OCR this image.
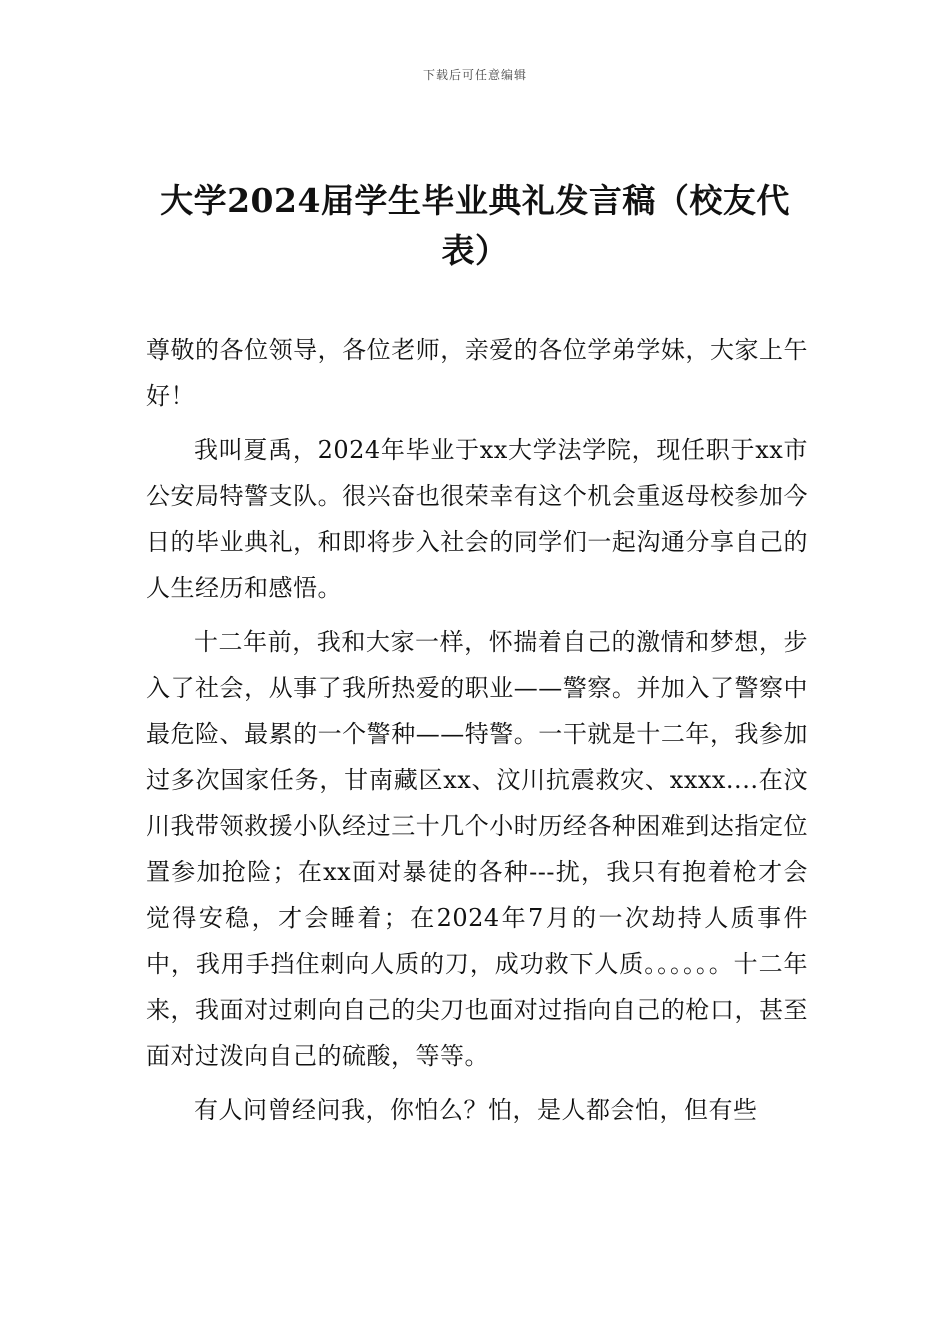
下载后可任意编辑
大学2024届学生毕业典礼发言稿（校友代表）

尊敬的各位领导，各位老师，亲爱的各位学弟学妹，大家上午好！

我叫夏禹，2024年毕业于xx大学法学院，现任职于xx市公安局特警支队。很兴奋也很荣幸有这个机会重返母校参加今日的毕业典礼，和即将步入社会的同学们一起沟通分享自己的人生经历和感悟。

十二年前，我和大家一样，怀揣着自己的激情和梦想，步入了社会，从事了我所热爱的职业——警察。并加入了警察中最危险、最累的一个警种——特警。一干就是十二年，我参加过多次国家任务，甘南藏区xx、汶川抗震救灾、xxxx....在汶川我带领救援小队经过三十几个小时历经各种困难到达指定位置参加抢险；在xx面对暴徒的各种---扰，我只有抱着枪才会觉得安稳，才会睡着；在2024年7月的一次劫持人质事件中，我用手挡住刺向人质的刀，成功救下人质。。。。。。十二年来，我面对过刺向自己的尖刀也面对过指向自己的枪口，甚至面对过泼向自己的硫酸，等等。

有人问曾经问我，你怕么？怕，是人都会怕，但有些
